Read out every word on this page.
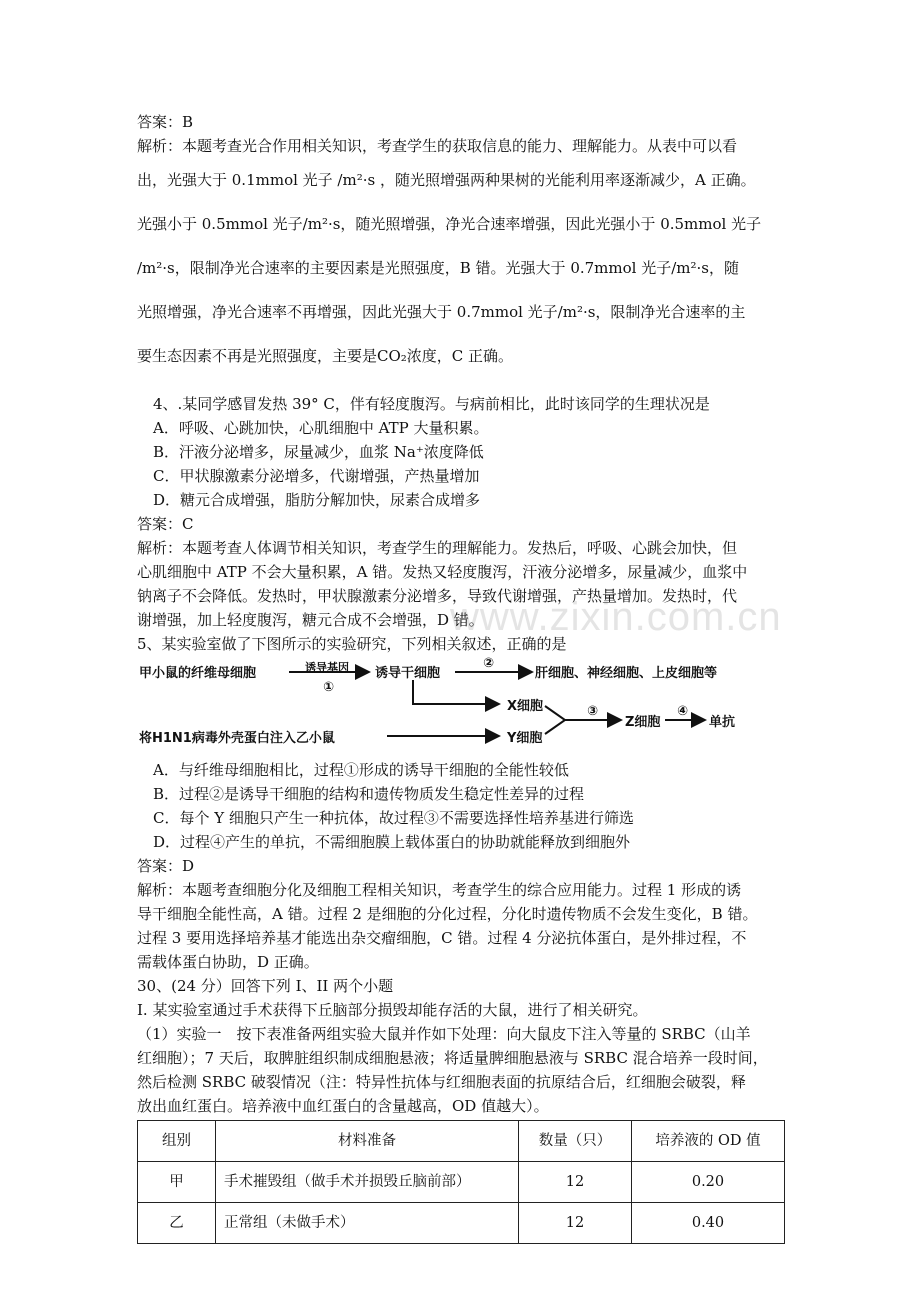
www.zixin.com.cn
答案：B
解析：本题考查光合作用相关知识，考查学生的获取信息的能力、理解能力。从表中可以看
出，光强大于 0.1mmol 光子 /m²·s ，随光照增强两种果树的光能利用率逐渐减少，A 正确。
光强小于 0.5mmol 光子/m²·s，随光照增强，净光合速率增强，因此光强小于 0.5mmol 光子
/m²·s，限制净光合速率的主要因素是光照强度，B 错。光强大于 0.7mmol 光子/m²·s，随
光照增强，净光合速率不再增强，因此光强大于 0.7mmol 光子/m²·s，限制净光合速率的主
要生态因素不再是光照强度，主要是CO₂浓度，C 正确。
4、.某同学感冒发热 39° C，伴有轻度腹泻。与病前相比，此时该同学的生理状况是
A．呼吸、心跳加快，心肌细胞中 ATP 大量积累。
B．汗液分泌增多，尿量减少，血浆 Na⁺浓度降低
C．甲状腺激素分泌增多，代谢增强，产热量增加
D．糖元合成增强，脂肪分解加快，尿素合成增多
答案：C
解析：本题考查人体调节相关知识，考查学生的理解能力。发热后，呼吸、心跳会加快，但
心肌细胞中 ATP 不会大量积累，A 错。发热又轻度腹泻，汗液分泌增多，尿量减少，血浆中
钠离子不会降低。发热时，甲状腺激素分泌增多，导致代谢增强，产热量增加。发热时，代
谢增强，加上轻度腹泻，糖元合成不会增强，D 错。
5、某实验室做了下图所示的实验研究，下列相关叙述，正确的是
甲小鼠的纤维母细胞	诱导基因
①
诱导干细胞
②
肝细胞、神经细胞、上皮细胞等
X细胞	③
Z细胞
④
单抗
将H1N1病毒外壳蛋白注入乙小鼠	Y细胞
A．与纤维母细胞相比，过程①形成的诱导干细胞的全能性较低
B．过程②是诱导干细胞的结构和遗传物质发生稳定性差异的过程
C．每个 Y 细胞只产生一种抗体，故过程③不需要选择性培养基进行筛选
D．过程④产生的单抗，不需细胞膜上载体蛋白的协助就能释放到细胞外
答案：D
解析：本题考查细胞分化及细胞工程相关知识，考查学生的综合应用能力。过程 1 形成的诱
导干细胞全能性高，A 错。过程 2 是细胞的分化过程，分化时遗传物质不会发生变化，B 错。
过程 3 要用选择培养基才能选出杂交瘤细胞，C 错。过程 4 分泌抗体蛋白，是外排过程，不
需载体蛋白协助，D 正确。
30、(24 分）回答下列 I、II 两个小题
I. 某实验室通过手术获得下丘脑部分损毁却能存活的大鼠，进行了相关研究。
（1）实验一　按下表准备两组实验大鼠并作如下处理：向大鼠皮下注入等量的 SRBC（山羊
红细胞）；7 天后，取脾脏组织制成细胞悬液；将适量脾细胞悬液与 SRBC 混合培养一段时间，
然后检测 SRBC 破裂情况（注：特异性抗体与红细胞表面的抗原结合后，红细胞会破裂，释
放出血红蛋白。培养液中血红蛋白的含量越高，OD 值越大）。
组别	材料准备	数量（只）	培养液的 OD 值
甲	手术摧毁组（做手术并损毁丘脑前部）	12	0.20
乙	正常组（未做手术）	12	0.40
